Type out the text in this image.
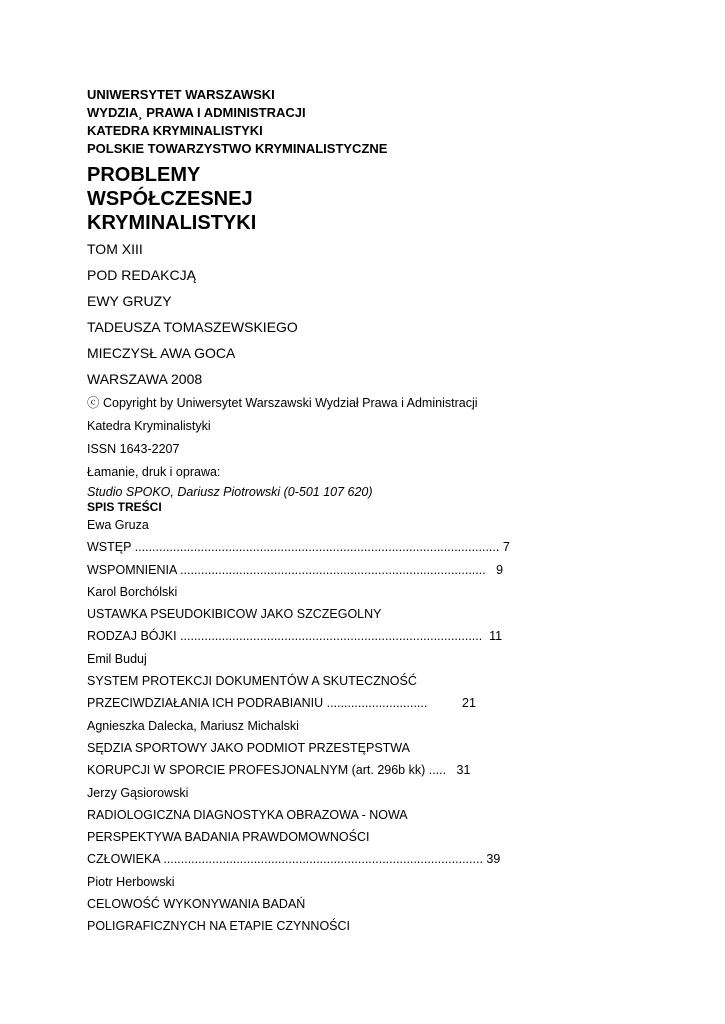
UNIWERSYTET WARSZAWSKI

WYDZIA¸ PRAWA I ADMINISTRACJI

KATEDRA KRYMINALISTYKI

POLSKIE TOWARZYSTWO KRYMINALISTYCZNE

PROBLEMY

WSPÓŁCZESNEJ

KRYMINALISTYKI

TOM XIII

POD REDAKCJĄ

EWY GRUZY

TADEUSZA TOMASZEWSKIEGO

MIECZYSŁ AWA GOCA

WARSZAWA 2008

ⓒ Copyright by Uniwersytet Warszawski Wydział Prawa i Administracji

Katedra Kryminalistyki

ISSN 1643-2207

Łamanie, druk i oprawa:

Studio SPOKO, Dariusz Piotrowski (0-501 107 620)

SPIS TREŚCI

Ewa Gruza

WSTĘP ......................................................................................................... 7

WSPOMNIENIA ........................................................................................   9

Karol Borchólski

USTAWKA PSEUDOKIBICOW JAKO SZCZEGOLNY

RODZAJ BÓJKI .......................................................................................  11

Emil Buduj

SYSTEM PROTEKCJI DOKUMENTÓW A SKUTECZNOŚĆ

PRZECIWDZIAŁANIA ICH PODRABIANIU .............................          21

Agnieszka Dalecka, Mariusz Michalski

SĘDZIA SPORTOWY JAKO PODMIOT PRZESTĘPSTWA

KORUPCJI W SPORCIE PROFESJONALNYM (art. 296b kk) .....   31

Jerzy Gąsiorowski

RADIOLOGICZNA DIAGNOSTYKA OBRAZOWA - NOWA

PERSPEKTYWA BADANIA PRAWDOMOWNOŚCI

CZŁOWIEKA ............................................................................................ 39

Piotr Herbowski

CELOWOŚĆ WYKONYWANIA BADAŃ

POLIGRAFICZNYCH NA ETAPIE CZYNNOŚCI
